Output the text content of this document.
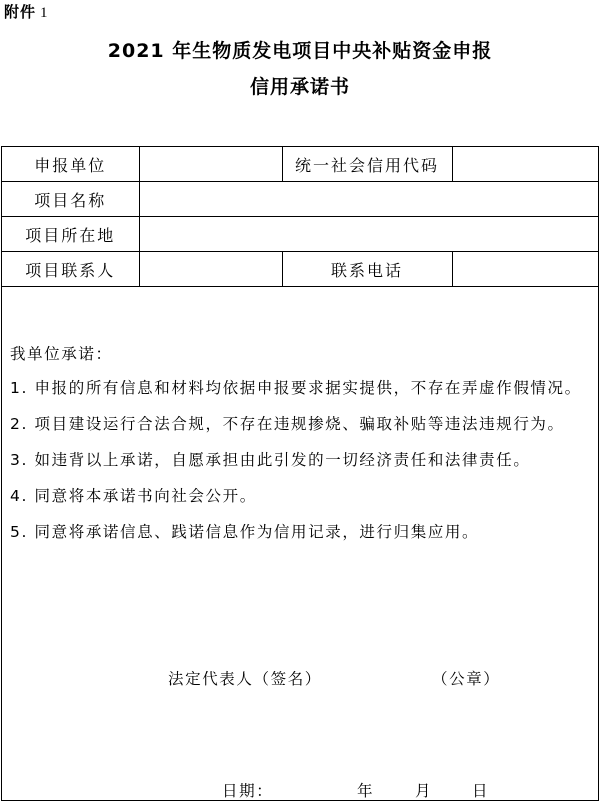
附件 1
2021 年生物质发电项目中央补贴资金申报
信用承诺书
申报单位		统一社会信用代码	
项目名称			
项目所在地			
项目联系人		联系电话	

我单位承诺：

1. 申报的所有信息和材料均依据申报要求据实提供，不存在弄虚作假情况。

2. 项目建设运行合法合规，不存在违规掺烧、骗取补贴等违法违规行为。

3. 如违背以上承诺，自愿承担由此引发的一切经济责任和法律责任。

4. 同意将本承诺书向社会公开。

5. 同意将承诺信息、践诺信息作为信用记录，进行归集应用。

法定代表人（签名）	（公章）
日期：	年	月	日
